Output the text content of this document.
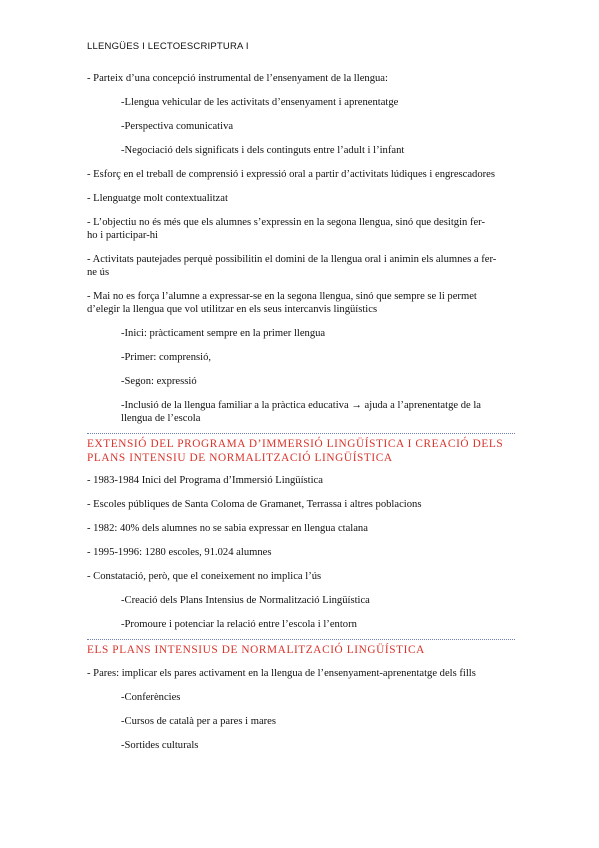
LLENGÜES I LECTOESCRIPTURA I

- Parteix d’una concepció instrumental de l’ensenyament de la llengua:

-Llengua vehicular de les activitats d’ensenyament i aprenentatge

-Perspectiva comunicativa

-Negociació dels significats i dels continguts entre l’adult i l’infant

- Esforç en el treball de comprensió i expressió oral a partir d’activitats lúdiques i engrescadores

- Llenguatge molt contextualitzat

- L’objectiu no és més que els alumnes s’expressin en la segona llengua, sinó que desitgin fer-

ho i participar-hi

- Activitats pautejades perquè possibilitin el domini de la llengua oral i animin els alumnes a fer-

ne ús

- Mai no es força l’alumne a expressar-se en la segona llengua, sinó que sempre se li permet

d’elegir la llengua que vol utilitzar en els seus intercanvis lingüístics

-Inici: pràcticament sempre en la primer llengua

-Primer: comprensió,

-Segon: expressió

-Inclusió de la llengua familiar a la pràctica educativa → ajuda a l’aprenentatge de la

llengua de l’escola

EXTENSIÓ DEL PROGRAMA D’IMMERSIÓ LINGÜÍSTICA I CREACIÓ DELS

PLANS INTENSIU DE NORMALITZACIÓ LINGÜÍSTICA

- 1983-1984 Inici del Programa d’Immersió Lingüística

- Escoles públiques de Santa Coloma de Gramanet, Terrassa i altres poblacions

- 1982: 40% dels alumnes no se sabia expressar en llengua ctalana

- 1995-1996: 1280 escoles, 91.024 alumnes

- Constatació, però, que el coneixement no implica l’ús

-Creació dels Plans Intensius de Normalització Lingüística

-Promoure i potenciar la relació entre l’escola i l’entorn

ELS PLANS INTENSIUS DE NORMALITZACIÓ LINGÜÍSTICA

- Pares: implicar els pares activament en la llengua de l’ensenyament-aprenentatge dels fills

-Conferències

-Cursos de català per a pares i mares

-Sortides culturals
